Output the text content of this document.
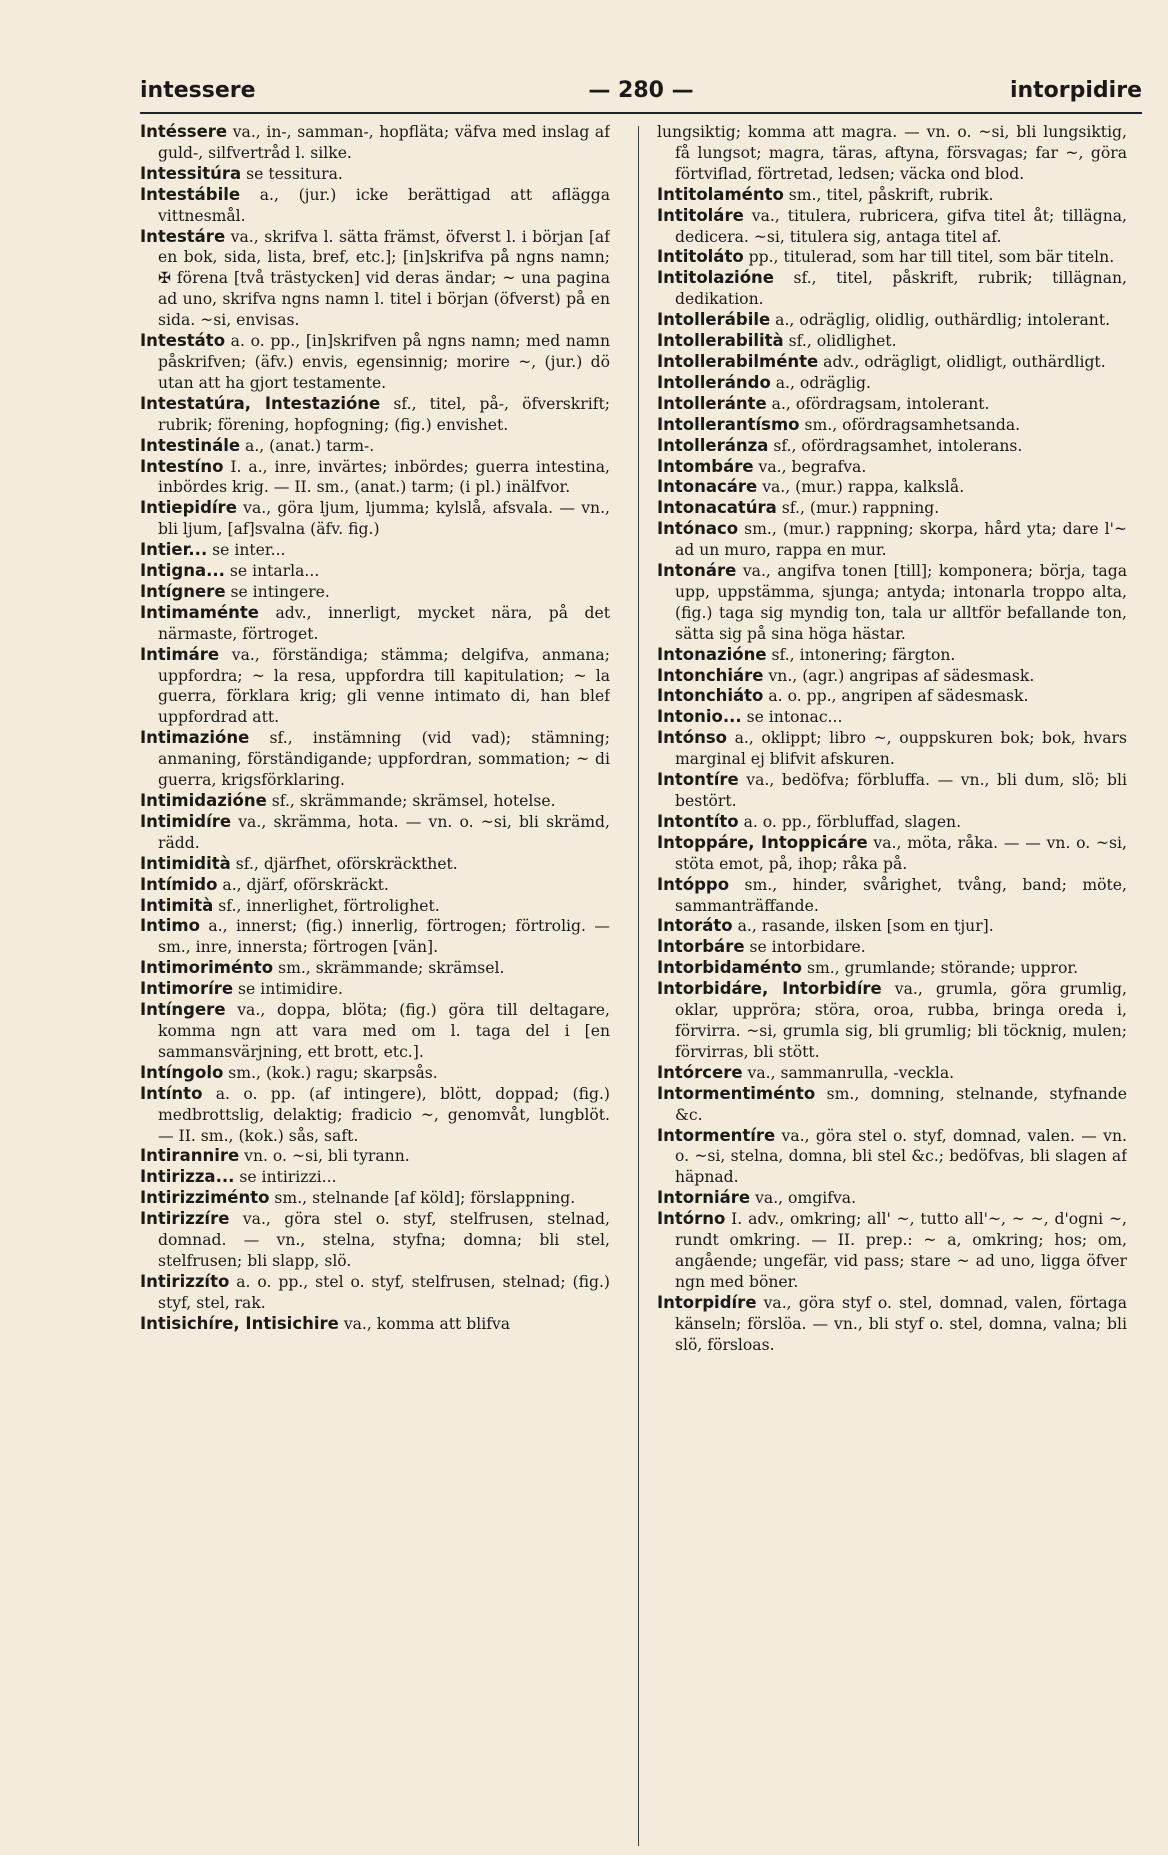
intessere	— 280 —	intorpidire

Intéssere va., in-, samman-, hopfläta; väfva med inslag af guld-, silfvertråd l. silke.

Intessitúra se tessitura.

Intestábile a., (jur.) icke berättigad att aflägga vittnesmål.

Intestáre va., skrifva l. sätta främst, öfverst l. i början [af en bok, sida, lista, bref, etc.]; [in]skrifva på ngns namn; ✠ förena [två trästycken] vid deras ändar; ~ una pagina ad uno, skrifva ngns namn l. titel i början (öfverst) på en sida. ~si, envisas.

Intestáto a. o. pp., [in]skrifven på ngns namn; med namn påskrifven; (äfv.) envis, egensinnig; morire ~, (jur.) dö utan att ha gjort testamente.

Intestatúra, Intestazióne sf., titel, på-, öfverskrift; rubrik; förening, hopfogning; (fig.) envishet.

Intestinále a., (anat.) tarm-.

Intestíno I. a., inre, invärtes; inbördes; guerra intestina, inbördes krig. — II. sm., (anat.) tarm; (i pl.) inälfvor.

Intiepidíre va., göra ljum, ljumma; kylslå, afsvala. — vn., bli ljum, [af]svalna (äfv. fig.)

Intier... se inter...

Intigna... se intarla...

Intígnere se intingere.

Intimaménte adv., innerligt, mycket nära, på det närmaste, förtroget.

Intimáre va., förständiga; stämma; delgifva, anmana; uppfordra; ~ la resa, uppfordra till kapitulation; ~ la guerra, förklara krig; gli venne intimato di, han blef uppfordrad att.

Intimazióne sf., instämning (vid vad); stämning; anmaning, förständigande; uppfordran, sommation; ~ di guerra, krigsförklaring.

Intimidazióne sf., skrämmande; skrämsel, hotelse.

Intimidíre va., skrämma, hota. — vn. o. ~si, bli skrämd, rädd.

Intimidità sf., djärfhet, oförskräckthet.

Intímido a., djärf, oförskräckt.

Intimità sf., innerlighet, förtrolighet.

Intimo a., innerst; (fig.) innerlig, förtrogen; förtrolig. — sm., inre, innersta; förtrogen [vän].

Intimoriménto sm., skrämmande; skrämsel.

Intimoríre se intimidire.

Intíngere va., doppa, blöta; (fig.) göra till deltagare, komma ngn att vara med om l. taga del i [en sammansvärjning, ett brott, etc.].

Intíngolo sm., (kok.) ragu; skarpsås.

Intínto a. o. pp. (af intingere), blött, doppad; (fig.) medbrottslig, delaktig; fradicio ~, genomvåt, lungblöt. — II. sm., (kok.) sås, saft.

Intirannire vn. o. ~si, bli tyrann.

Intirizza... se intirizzi...

Intirizziménto sm., stelnande [af köld]; förslappning.

Intirizzíre va., göra stel o. styf, stelfrusen, stelnad, domnad. — vn., stelna, styfna; domna; bli stel, stelfrusen; bli slapp, slö.

Intirizzíto a. o. pp., stel o. styf, stelfrusen, stelnad; (fig.) styf, stel, rak.

Intisichíre, Intisichire va., komma att blifva

lungsiktig; komma att magra. — vn. o. ~si, bli lungsiktig, få lungsot; magra, täras, aftyna, försvagas; far ~, göra förtviflad, förtretad, ledsen; väcka ond blod.

Intitolaménto sm., titel, påskrift, rubrik.

Intitoláre va., titulera, rubricera, gifva titel åt; tillägna, dedicera. ~si, titulera sig, antaga titel af.

Intitoláto pp., titulerad, som har till titel, som bär titeln.

Intitolazióne sf., titel, påskrift, rubrik; tillägnan, dedikation.

Intollerábile a., odräglig, olidlig, outhärdlig; intolerant.

Intollerabilità sf., olidlighet.

Intollerabilménte adv., odrägligt, olidligt, outhärdligt.

Intollerándo a., odräglig.

Intolleránte a., ofördragsam, intolerant.

Intollerantísmo sm., ofördragsamhetsanda.

Intolleránza sf., ofördragsamhet, intolerans.

Intombáre va., begrafva.

Intonacáre va., (mur.) rappa, kalkslå.

Intonacatúra sf., (mur.) rappning.

Intónaco sm., (mur.) rappning; skorpa, hård yta; dare l'~ ad un muro, rappa en mur.

Intonáre va., angifva tonen [till]; komponera; börja, taga upp, uppstämma, sjunga; antyda; intonarla troppo alta, (fig.) taga sig myndig ton, tala ur alltför befallande ton, sätta sig på sina höga hästar.

Intonazióne sf., intonering; färgton.

Intonchiáre vn., (agr.) angripas af sädesmask.

Intonchiáto a. o. pp., angripen af sädesmask.

Intonio... se intonac...

Intónso a., oklippt; libro ~, ouppskuren bok; bok, hvars marginal ej blifvit afskuren.

Intontíre va., bedöfva; förbluffa. — vn., bli dum, slö; bli bestört.

Intontíto a. o. pp., förbluffad, slagen.

Intoppáre, Intoppicáre va., möta, råka. — — vn. o. ~si, stöta emot, på, ihop; råka på.

Intóppo sm., hinder, svårighet, tvång, band; möte, sammanträffande.

Intoráto a., rasande, ilsken [som en tjur].

Intorbáre se intorbidare.

Intorbidaménto sm., grumlande; störande; uppror.

Intorbidáre, Intorbidíre va., grumla, göra grumlig, oklar, uppröra; störa, oroa, rubba, bringa oreda i, förvirra. ~si, grumla sig, bli grumlig; bli töcknig, mulen; förvirras, bli stött.

Intórcere va., sammanrulla, -veckla.

Intormentiménto sm., domning, stelnande, styfnande &c.

Intormentíre va., göra stel o. styf, domnad, valen. — vn. o. ~si, stelna, domna, bli stel &c.; bedöfvas, bli slagen af häpnad.

Intorniáre va., omgifva.

Intórno I. adv., omkring; all' ~, tutto all'~, ~ ~, d'ogni ~, rundt omkring. — II. prep.: ~ a, omkring; hos; om, angående; ungefär, vid pass; stare ~ ad uno, ligga öfver ngn med böner.

Intorpidíre va., göra styf o. stel, domnad, valen, förtaga känseln; förslöa. — vn., bli styf o. stel, domna, valna; bli slö, försloas.
